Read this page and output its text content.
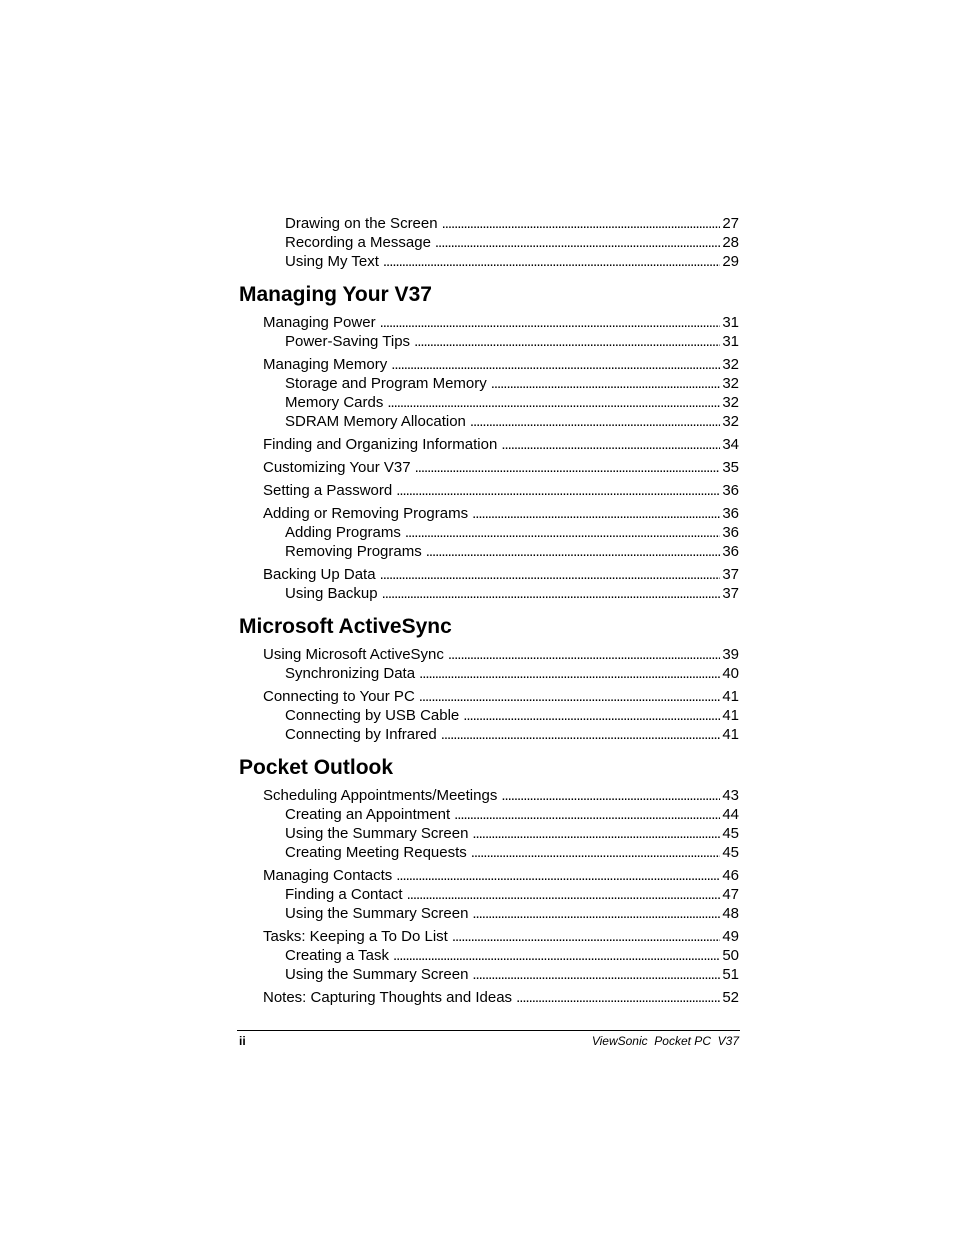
Drawing on the Screen . . .	27
Recording a Message . . .	28
Using My Text . . .	29
Managing Your V37
Managing Power . . .	31
Power-Saving Tips . . .	31
Managing Memory . . .	32
Storage and Program Memory . . .	32
Memory Cards . . .	32
SDRAM Memory Allocation . . .	32
Finding and Organizing Information . . .	34
Customizing Your V37 . . .	35
Setting a Password . . .	36
Adding or Removing Programs . . .	36
Adding Programs . . .	36
Removing Programs . . .	36
Backing Up Data . . .	37
Using Backup . . .	37
Microsoft ActiveSync
Using Microsoft ActiveSync . . .	39
Synchronizing Data . . .	40
Connecting to Your PC . . .	41
Connecting by USB Cable . . .	41
Connecting by Infrared . . .	41
Pocket Outlook
Scheduling Appointments/Meetings . . .	43
Creating an Appointment . . .	44
Using the Summary Screen . . .	45
Creating Meeting Requests . . .	45
Managing Contacts . . .	46
Finding a Contact . . .	47
Using the Summary Screen . . .	48
Tasks: Keeping a To Do List . . .	49
Creating a Task . . .	50
Using the Summary Screen . . .	51
Notes: Capturing Thoughts and Ideas . . .	52
ii	ViewSonic  Pocket PC  V37
